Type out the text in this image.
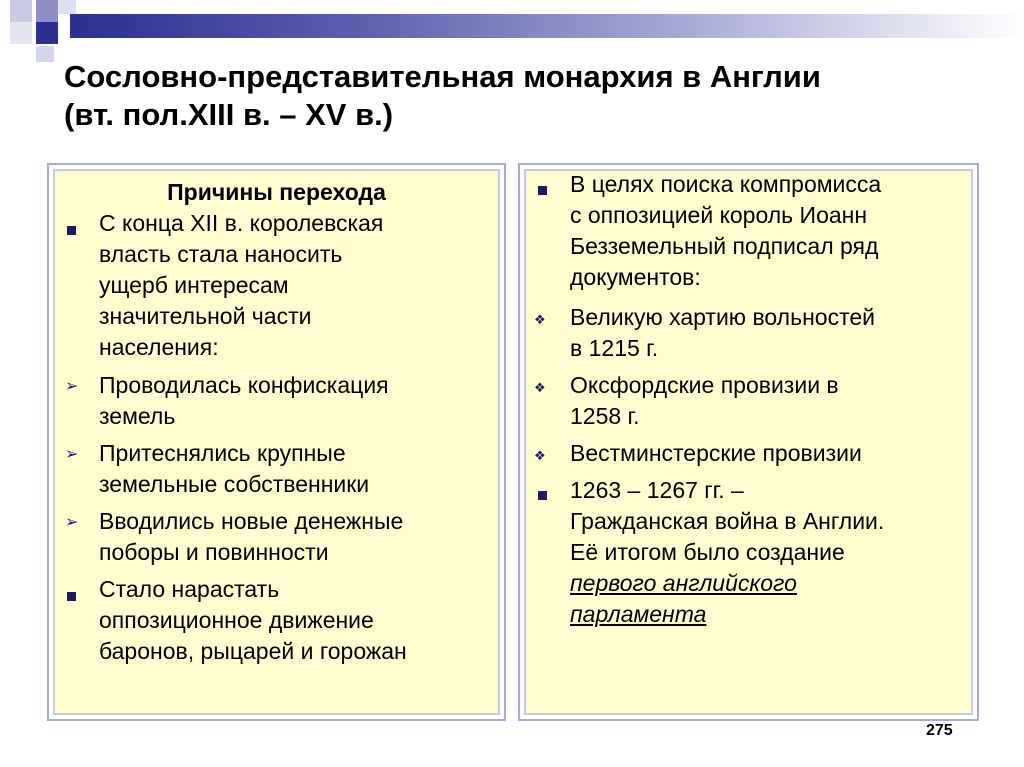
Сословно-представительная монархия в Англии
(вт. пол.XIII в. – XV в.)
Причины перехода
С конца XII в. королевская
власть стала наносить
ущерб интересам
значительной части
населения:
➢ Проводилась конфискация
земель
➢ Притеснялись крупные
земельные собственники
➢ Вводились новые денежные
поборы и повинности
Стало нарастать
оппозиционное движение
баронов, рыцарей и горожан
В целях поиска компромисса
с оппозицией король Иоанн
Безземельный подписал ряд
документов:
❖ Великую хартию вольностей
в 1215 г.
❖ Оксфордские провизии в
1258 г.
❖ Вестминстерские провизии
1263 – 1267 гг. –
Гражданская война в Англии.
Её итогом было создание
первого английского
парламента
275
